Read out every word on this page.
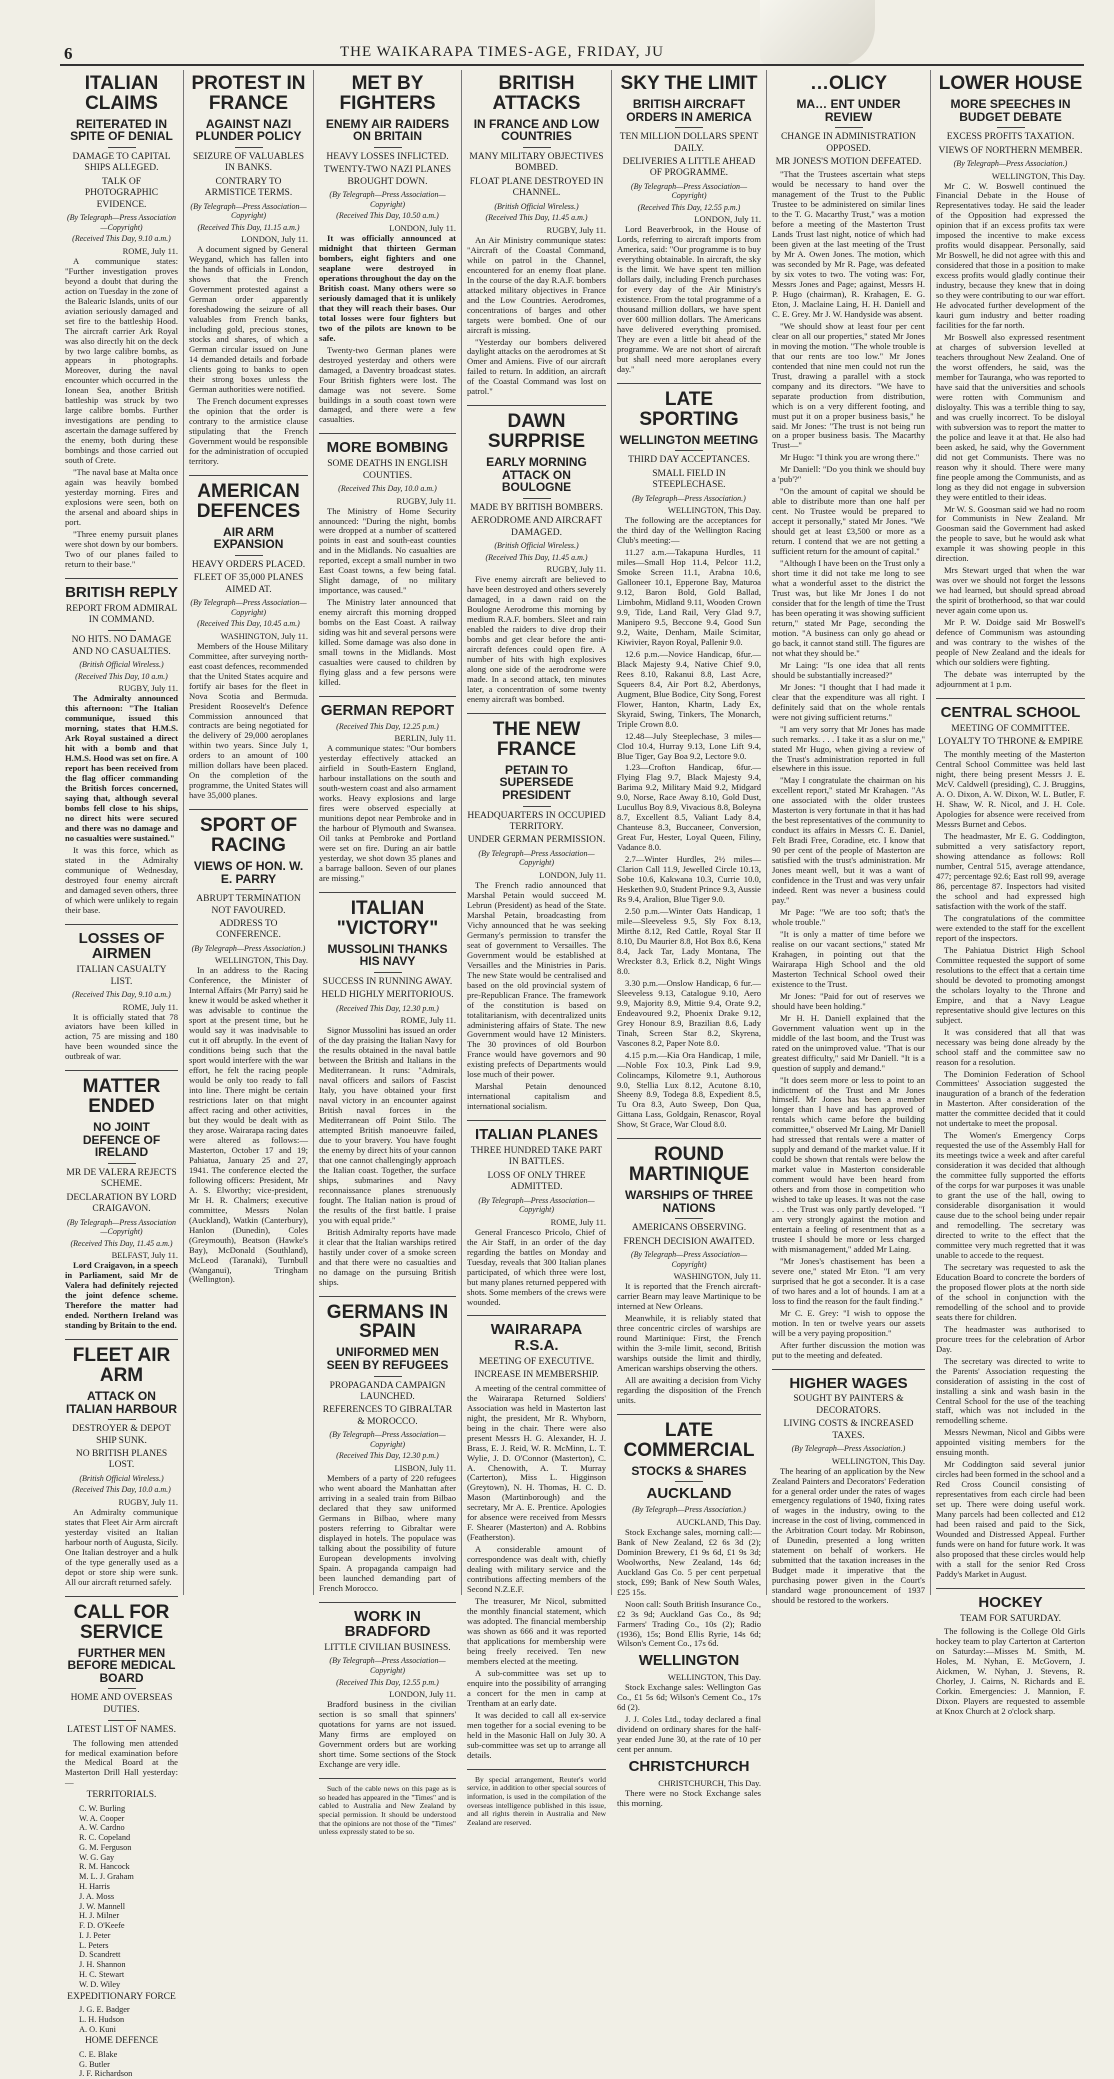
6	THE WAIKARAPA TIMES-AGE, FRIDAY, JU
ITALIAN CLAIMS
REITERATED IN SPITE OF DENIAL
DAMAGE TO CAPITAL SHIPS ALLEGED.
TALK OF PHOTOGRAPHIC EVIDENCE.
(By Telegraph—Press Association—Copyright)
(Received This Day, 9.10 a.m.)
ROME, July 11.

A communique states: "Further investigation proves beyond a doubt that during the action on Tuesday in the zone of the Balearic Islands, units of our aviation seriously damaged and set fire to the battleship Hood. The aircraft carrier Ark Royal was also directly hit on the deck by two large calibre bombs, as appears in photographs. Moreover, during the naval encounter which occurred in the Ionean Sea, another British battleship was struck by two large calibre bombs. Further investigations are pending to ascertain the damage suffered by the enemy, both during these bombings and those carried out south of Crete.

"The naval base at Malta once again was heavily bombed yesterday morning. Fires and explosions were seen, both on the arsenal and aboard ships in port.

"Three enemy pursuit planes were shot down by our bombers. Two of our planes failed to return to their base."

BRITISH REPLY
REPORT FROM ADMIRAL IN COMMAND.
NO HITS. NO DAMAGE AND NO CASUALTIES.
(British Official Wireless.)
(Received This Day, 10 a.m.)
RUGBY, July 11.

The Admiralty announced this afternoon: "The Italian communique, issued this morning, states that H.M.S. Ark Royal sustained a direct hit with a bomb and that H.M.S. Hood was set on fire. A report has been received from the flag officer commanding the British forces concerned, saying that, although several bombs fell close to his ships, no direct hits were secured and there was no damage and no casualties were sustained."

It was this force, which as stated in the Admiralty communique of Wednesday, destroyed four enemy aircraft and damaged seven others, three of which were unlikely to regain their base.

LOSSES OF AIRMEN
ITALIAN CASUALTY LIST.
(Received This Day, 9.10 a.m.)
ROME, July 11.

It is officially stated that 78 aviators have been killed in action, 75 are missing and 180 have been wounded since the outbreak of war.

MATTER ENDED
NO JOINT DEFENCE OF IRELAND
MR DE VALERA REJECTS SCHEME.
DECLARATION BY LORD CRAIGAVON.
(By Telegraph—Press Association—Copyright)
(Received This Day, 11.45 a.m.)
BELFAST, July 11.

Lord Craigavon, in a speech in Parliament, said Mr de Valera had definitely rejected the joint defence scheme. Therefore the matter had ended. Northern Ireland was standing by Britain to the end.

FLEET AIR ARM
ATTACK ON ITALIAN HARBOUR
DESTROYER & DEPOT SHIP SUNK.
NO BRITISH PLANES LOST.
(British Official Wireless.)
(Received This Day, 10.0 a.m.)
RUGBY, July 11.

An Admiralty communique states that Fleet Air Arm aircraft yesterday visited an Italian harbour north of Augusta, Sicily. One Italian destroyer and a hulk of the type generally used as a depot or store ship were sunk. All our aircraft returned safely.

CALL FOR SERVICE
FURTHER MEN BEFORE MEDICAL BOARD
HOME AND OVERSEAS DUTIES.
LATEST LIST OF NAMES.

The following men attended for medical examination before the Medical Board at the Masterton Drill Hall yesterday:—

TERRITORIALS.
C. W. Burling
W. A. Cooper
A. W. Cardno
R. C. Copeland
G. M. Ferguson
W. G. Gay
R. M. Hancock
M. L. J. Graham
H. Harris
J. A. Moss
J. W. Mannell
H. J. Milner
F. D. O'Keefe
I. J. Peter
L. Peters
D. Scandrett
J. H. Shannon
H. C. Stewart
W. D. Wiley
EXPEDITIONARY FORCE
J. G. E. Badger
L. H. Hudson
A. O. Kuni
HOME DEFENCE
C. E. Blake
G. Butler
J. F. Richardson
PROTEST IN FRANCE
AGAINST NAZI PLUNDER POLICY
SEIZURE OF VALUABLES IN BANKS.
CONTRARY TO ARMISTICE TERMS.
(By Telegraph—Press Association—Copyright)
(Received This Day, 11.15 a.m.)
LONDON, July 11.

A document signed by General Weygand, which has fallen into the hands of officials in London, shows that the French Government protested against a German order apparently foreshadowing the seizure of all valuables from French banks, including gold, precious stones, stocks and shares, of which a German circular issued on June 14 demanded details and forbade clients going to banks to open their strong boxes unless the German authorities were notified.

The French document expresses the opinion that the order is contrary to the armistice clause stipulating that the French Government would be responsible for the administration of occupied territory.

AMERICAN DEFENCES
AIR ARM EXPANSION
HEAVY ORDERS PLACED.
FLEET OF 35,000 PLANES AIMED AT.
(By Telegraph—Press Association—Copyright)
(Received This Day, 10.45 a.m.)
WASHINGTON, July 11.

Members of the House Military Committee, after surveying north-east coast defences, recommended that the United States acquire and fortify air bases for the fleet in Nova Scotia and Bermuda. President Roosevelt's Defence Commission announced that contracts are being negotiated for the delivery of 29,000 aeroplanes within two years. Since July 1, orders to an amount of 100 million dollars have been placed. On the completion of the programme, the United States will have 35,000 planes.

SPORT OF RACING
VIEWS OF HON. W. E. PARRY
ABRUPT TERMINATION NOT FAVOURED.
ADDRESS TO CONFERENCE.
(By Telegraph—Press Association.)
WELLINGTON, This Day.

In an address to the Racing Conference, the Minister of Internal Affairs (Mr Parry) said he knew it would be asked whether it was advisable to continue the sport at the present time, but he would say it was inadvisable to cut it off abruptly. In the event of conditions being such that the sport would interfere with the war effort, he felt the racing people would be only too ready to fall into line. There might be certain restrictions later on that might affect racing and other activities, but they would be dealt with as they arose. Wairarapa racing dates were altered as follows:—Masterton, October 17 and 19; Pahiatua, January 25 and 27, 1941. The conference elected the following officers: President, Mr A. S. Elworthy; vice-president, Mr H. R. Chalmers; executive committee, Messrs Nolan (Auckland), Watkin (Canterbury), Hanlon (Dunedin), Coles (Greymouth), Beatson (Hawke's Bay), McDonald (Southland), McLeod (Taranaki), Turnbull (Wanganui), Tringham (Wellington).

MET BY FIGHTERS
ENEMY AIR RAIDERS ON BRITAIN
HEAVY LOSSES INFLICTED.
TWENTY-TWO NAZI PLANES BROUGHT DOWN.
(By Telegraph—Press Association—Copyright)
(Received This Day, 10.50 a.m.)
LONDON, July 11.

It was officially announced at midnight that thirteen German bombers, eight fighters and one seaplane were destroyed in operations throughout the day on the British coast. Many others were so seriously damaged that it is unlikely that they will reach their bases. Our total losses were four fighters but two of the pilots are known to be safe.

Twenty-two German planes were destroyed yesterday and others were damaged, a Daventry broadcast states. Four British fighters were lost. The damage was not severe. Some buildings in a south coast town were damaged, and there were a few casualties.

MORE BOMBING
SOME DEATHS IN ENGLISH COUNTIES.
(Received This Day, 10.0 a.m.)
RUGBY, July 11.

The Ministry of Home Security announced: "During the night, bombs were dropped at a number of scattered points in east and south-east counties and in the Midlands. No casualties are reported, except a small number in two East Coast towns, a few being fatal. Slight damage, of no military importance, was caused."

The Ministry later announced that enemy aircraft this morning dropped bombs on the East Coast. A railway siding was hit and several persons were killed. Some damage was also done in small towns in the Midlands. Most casualties were caused to children by flying glass and a few persons were killed.

GERMAN REPORT
(Received This Day, 12.25 p.m.)
BERLIN, July 11.

A communique states: "Our bombers yesterday effectively attacked an airfield in South-Eastern England, harbour installations on the south and south-western coast and also armament works. Heavy explosions and large fires were observed especially at munitions depot near Pembroke and in the harbour of Plymouth and Swansea. Oil tanks at Pembroke and Portland were set on fire. During an air battle yesterday, we shot down 35 planes and a barrage balloon. Seven of our planes are missing."

ITALIAN "VICTORY"
MUSSOLINI THANKS HIS NAVY
SUCCESS IN RUNNING AWAY.
HELD HIGHLY MERITORIOUS.
(Received This Day, 12.30 p.m.)
ROME, July 11.

Signor Mussolini has issued an order of the day praising the Italian Navy for the results obtained in the naval battle between the British and Italians in the Mediterranean. It runs: "Admirals, naval officers and sailors of Fascist Italy, you have obtained your first naval victory in an encounter against British naval forces in the Mediterranean off Point Stilo. The attempted British manoeuvre failed, due to your bravery. You have fought the enemy by direct hits of your cannon that one cannot challengingly approach the Italian coast. Together, the surface ships, submarines and Navy reconnaissance planes strenuously fought. The Italian nation is proud of the results of the first battle. I praise you with equal pride."

British Admiralty reports have made it clear that the Italian warships retired hastily under cover of a smoke screen and that there were no casualties and no damage on the pursuing British ships.

GERMANS IN SPAIN
UNIFORMED MEN SEEN BY REFUGEES
PROPAGANDA CAMPAIGN LAUNCHED.
REFERENCES TO GIBRALTAR & MOROCCO.
(By Telegraph—Press Association—Copyright)
(Received This Day, 12.30 p.m.)
LISBON, July 11.

Members of a party of 220 refugees who went aboard the Manhattan after arriving in a sealed train from Bilbao declared that they saw uniformed Germans in Bilbao, where many posters referring to Gibraltar were displayed in hotels. The populace was talking about the possibility of future European developments involving Spain. A propaganda campaign had been launched demanding part of French Morocco.

WORK IN BRADFORD
LITTLE CIVILIAN BUSINESS.
(By Telegraph—Press Association—Copyright)
(Received This Day, 12.55 p.m.)
LONDON, July 11.

Bradford business in the civilian section is so small that spinners' quotations for yarns are not issued. Many firms are employed on Government orders but are working short time. Some sections of the Stock Exchange are very idle.

Such of the cable news on this page as is so headed has appeared in the "Times" and is cabled to Australia and New Zealand by special permission. It should be understood that the opinions are not those of the "Times" unless expressly stated to be so.

BRITISH ATTACKS
IN FRANCE AND LOW COUNTRIES
MANY MILITARY OBJECTIVES BOMBED.
FLOAT PLANE DESTROYED IN CHANNEL.
(British Official Wireless.)
(Received This Day, 11.45 a.m.)
RUGBY, July 11.

An Air Ministry communique states: "Aircraft of the Coastal Command, while on patrol in the Channel, encountered for an enemy float plane. In the course of the day R.A.F. bombers attacked military objectives in France and the Low Countries. Aerodromes, concentrations of barges and other targets were bombed. One of our aircraft is missing.

"Yesterday our bombers delivered daylight attacks on the aerodromes at St Omer and Amiens. Five of our aircraft failed to return. In addition, an aircraft of the Coastal Command was lost on patrol."

DAWN SURPRISE
EARLY MORNING ATTACK ON BOULOGNE
MADE BY BRITISH BOMBERS.
AERODROME AND AIRCRAFT DAMAGED.
(British Official Wireless.)
(Received This Day, 11.45 a.m.)
RUGBY, July 11.

Five enemy aircraft are believed to have been destroyed and others severely damaged, in a dawn raid on the Boulogne Aerodrome this morning by medium R.A.F. bombers. Sleet and rain enabled the raiders to dive drop their bombs and get clear before the anti-aircraft defences could open fire. A number of hits with high explosives along one side of the aerodrome were made. In a second attack, ten minutes later, a concentration of some twenty enemy aircraft was bombed.

THE NEW FRANCE
PETAIN TO SUPERSEDE PRESIDENT
HEADQUARTERS IN OCCUPIED TERRITORY.
UNDER GERMAN PERMISSION.
(By Telegraph—Press Association—Copyright)
LONDON, July 11.

The French radio announced that Marshal Petain would succeed M. Lebrun (President) as head of the State. Marshal Petain, broadcasting from Vichy announced that he was seeking Germany's permission to transfer the seat of government to Versailles. The Government would be established at Versailles and the Ministries in Paris. The new State would be centralised and based on the old provincial system of pre-Republican France. The framework of the constitution is based on totalitarianism, with decentralized units administering affairs of State. The new Government would have 12 Ministers. The 30 provinces of old Bourbon France would have governors and 90 existing prefects of Departments would lose much of their power.

Marshal Petain denounced international capitalism and international socialism.

ITALIAN PLANES
THREE HUNDRED TAKE PART IN BATTLES.
LOSS OF ONLY THREE ADMITTED.
(By Telegraph—Press Association—Copyright)
ROME, July 11.

General Francesco Pricolo, Chief of the Air Staff, in an order of the day regarding the battles on Monday and Tuesday, reveals that 300 Italian planes participated, of which three were lost, but many planes returned peppered with shots. Some members of the crews were wounded.

WAIRARAPA R.S.A.
MEETING OF EXECUTIVE.
INCREASE IN MEMBERSHIP.

A meeting of the central committee of the Wairarapa Returned Soldiers' Association was held in Masterton last night, the president, Mr R. Whyborn, being in the chair. There were also present Messrs H. G. Alexander, H. J. Brass, E. J. Reid, W. R. McMinn, L. T. Wylie, J. D. O'Connor (Masterton), C. A. Chenowith, A. T. Murray (Carterton), Miss L. Higginson (Greytown), N. H. Thomas, H. C. D. Mason (Martinborough) and the secretary, Mr A. E. Prentice. Apologies for absence were received from Messrs F. Shearer (Masterton) and A. Robbins (Featherston).

A considerable amount of correspondence was dealt with, chiefly dealing with military service and the contributions affecting members of the Second N.Z.E.F.

The treasurer, Mr Nicol, submitted the monthly financial statement, which was adopted. The financial membership was shown as 666 and it was reported that applications for membership were being freely received. Ten new members elected at the meeting.

A sub-committee was set up to enquire into the possibility of arranging a concert for the men in camp at Trentham at an early date.

It was decided to call all ex-service men together for a social evening to be held in the Masonic Hall on July 30. A sub-committee was set up to arrange all details.

By special arrangement, Reuter's world service, in addition to other special sources of information, is used in the compilation of the overseas intelligence published in this issue, and all rights therein in Australia and New Zealand are reserved.

SKY THE LIMIT
BRITISH AIRCRAFT ORDERS IN AMERICA
TEN MILLION DOLLARS SPENT DAILY.
DELIVERIES A LITTLE AHEAD OF PROGRAMME.
(By Telegraph—Press Association—Copyright)
(Received This Day, 12.55 p.m.)
LONDON, July 11.

Lord Beaverbrook, in the House of Lords, referring to aircraft imports from America, said: "Our programme is to buy everything obtainable. In aircraft, the sky is the limit. We have spent ten million dollars daily, including French purchases for every day of the Air Ministry's existence. From the total programme of a thousand million dollars, we have spent over 600 million dollars. The Americans have delivered everything promised. They are even a little bit ahead of the programme. We are not short of aircraft but shall need more aeroplanes every day."

LATE SPORTING
WELLINGTON MEETING
THIRD DAY ACCEPTANCES.
SMALL FIELD IN STEEPLECHASE.
(By Telegraph—Press Association.)
WELLINGTON, This Day.

The following are the acceptances for the third day of the Wellington Racing Club's meeting:—

11.27 a.m.—Takapuna Hurdles, 11 miles—Small Hop 11.4, Pelcor 11.2, Smoke Screen 11.1, Arabna 10.6, Galloneer 10.1, Epperone Bay, Maturoa 9.12, Baron Bold, Gold Ballad, Limbohm, Midland 9.11, Wooden Crown 9.9, Tide, Land Rail, Very Glad 9.7, Manipero 9.5, Beccone 9.4, Good Sun 9.2, Waite, Denham, Maile Scimitar, Kiwivier, Rayon Royal, Pallenir 9.0.

12.6 p.m.—Novice Handicap, 6fur.—Black Majesty 9.4, Native Chief 9.0, Rees 8.10, Rakanui 8.8, Last Acre, Squeers 8.4, Air Port 8.2, Aberdonys, Augment, Blue Bodice, City Song, Forest Flower, Hanton, Khartn, Lady Ex, Skyraid, Swing, Tinkers, The Monarch, Triple Crown 8.0.

12.48—July Steeplechase, 3 miles—Clod 10.4, Hurray 9.13, Lone Lift 9.4, Blue Tiger, Gay Boa 9.2, Lectore 9.0.

1.23—Crofton Handicap, 6fur.—Flying Flag 9.7, Black Majesty 9.4, Barima 9.2, Military Maid 9.2, Midgard 9.0, Norse, Race Away 8.10, Gold Dust, Lucullus Boy 8.9, Vivacious 8.8, Boleyna 8.7, Excellent 8.5, Valiant Lady 8.4, Chanteuse 8.3, Buccaneer, Conversion, Great Fur, Hester, Loyal Queen, Filiny, Vadance 8.0.

2.7—Winter Hurdles, 2½ miles—Clarion Call 11.9, Jewelled Circle 10.13, Sobe 10.6, Kakwana 10.3, Currie 10.0, Heskethen 9.0, Student Prince 9.3, Aussie Rs 9.4, Aralion, Blue Tiger 9.0.

2.50 p.m.—Winter Oats Handicap, 1 mile—Sleeveless 9.5, Sly Fox 8.13, Mirthe 8.12, Red Cattle, Royal Star II 8.10, Du Maurier 8.8, Hot Box 8.6, Kena 8.4, Jack Tar, Lady Montana, The Wreckster 8.3, Erlick 8.2, Night Wings 8.0.

3.30 p.m.—Onslow Handicap, 6 fur.—Sleeveless 9.13, Catalogue 9.10, Aero 9.9, Majority 8.9, Mittie 9.4, Orate 9.2, Endeavoured 9.2, Phoenix Drake 9.12, Grey Honour 8.9, Brazilian 8.6, Lady Tinah, Screen Star 8.2, Skyrena, Vascones 8.2, Paper Note 8.0.

4.15 p.m.—Kia Ora Handicap, 1 mile, —Noble Fox 10.3, Pink Lad 9.9, Colincamps, Kilometre 9.1, Authorous 9.0, Stellia Lux 8.12, Acutone 8.10, Sheeny 8.9, Todega 8.8, Expedient 8.5, Tu Ora 8.3, Auto Sweep, Don Qua, Gittana Lass, Goldgain, Renascor, Royal Show, St Grace, War Cloud 8.0.

ROUND MARTINIQUE
WARSHIPS OF THREE NATIONS
AMERICANS OBSERVING.
FRENCH DECISION AWAITED.
(By Telegraph—Press Association—Copyright)
WASHINGTON, July 11.

It is reported that the French aircraft-carrier Bearn may leave Martinique to be interned at New Orleans.

Meanwhile, it is reliably stated that three concentric circles of warships are round Martinique: First, the French within the 3-mile limit, second, British warships outside the limit and thirdly, American warships observing the others.

All are awaiting a decision from Vichy regarding the disposition of the French units.

LATE COMMERCIAL
STOCKS & SHARES
AUCKLAND
(By Telegraph—Press Association.)
AUCKLAND, This Day.

Stock Exchange sales, morning call:—Bank of New Zealand, £2 6s 3d (2); Dominion Brewery, £1 9s 6d, £1 9s 3d; Woolworths, New Zealand, 14s 6d; Auckland Gas Co. 5 per cent perpetual stock, £99; Bank of New South Wales, £25 15s.

Noon call: South British Insurance Co., £2 3s 9d; Auckland Gas Co., 8s 9d; Farmers' Trading Co., 10s (2); Radio (1936), 15s; Bond Ellis Ryrie, 14s 6d; Wilson's Cement Co., 17s 6d.

WELLINGTON
WELLINGTON, This Day.

Stock Exchange sales: Wellington Gas Co., £1 5s 6d; Wilson's Cement Co., 17s 6d (2).

J. J. Coles Ltd., today declared a final dividend on ordinary shares for the half-year ended June 30, at the rate of 10 per cent per annum.

CHRISTCHURCH
CHRISTCHURCH, This Day.

There were no Stock Exchange sales this morning.

…OLICY
MA… ENT UNDER REVIEW
CHANGE IN ADMINISTRATION OPPOSED.
MR JONES'S MOTION DEFEATED.

"That the Trustees ascertain what steps would be necessary to hand over the management of the Trust to the Public Trustee to be administered on similar lines to the T. G. Macarthy Trust," was a motion before a meeting of the Masterton Trust Lands Trust last night, notice of which had been given at the last meeting of the Trust by Mr A. Owen Jones. The motion, which was seconded by Mr R. Page, was defeated by six votes to two. The voting was: For, Messrs Jones and Page; against, Messrs H. P. Hugo (chairman), R. Krahagen, E. G. Eton, J. Maclaine Laing, H. H. Daniell and C. E. Grey. Mr J. W. Handyside was absent.

"We should show at least four per cent clear on all our properties," stated Mr Jones in moving the motion. "The whole trouble is that our rents are too low." Mr Jones contended that nine men could not run the Trust, drawing a parallel with a stock company and its directors. "We have to separate production from distribution, which is on a very different footing, and must put it on a proper business basis," he said. Mr Jones: "The trust is not being run on a proper business basis. The Macarthy Trust—"

Mr Hugo: "I think you are wrong there."

Mr Daniell: "Do you think we should buy a 'pub'?"

"On the amount of capital we should be able to distribute more than one half per cent. No Trustee would be prepared to accept it personally," stated Mr Jones. "We should get at least £3,500 or more as a return. I contend that we are not getting a sufficient return for the amount of capital."

"Although I have been on the Trust only a short time it did not take me long to see what a wonderful asset to the district the Trust was, but like Mr Jones I do not consider that for the length of time the Trust has been operating it was showing sufficient return," stated Mr Page, seconding the motion. "A business can only go ahead or go back, it cannot stand still. The figures are not what they should be."

Mr Laing: "Is one idea that all rents should be substantially increased?"

Mr Jones: "I thought that I had made it clear that the expenditure was all right. I definitely said that on the whole rentals were not giving sufficient returns."

"I am very sorry that Mr Jones has made such remarks. . . . I take it as a slur on me," stated Mr Hugo, when giving a review of the Trust's administration reported in full elsewhere in this issue.

"May I congratulate the chairman on his excellent report," stated Mr Krahagen. "As one associated with the older trustees Masterton is very fortunate in that it has had the best representatives of the community to conduct its affairs in Messrs C. E. Daniel, Felt Bradi Free, Coradine, etc. I know that 90 per cent of the people of Masterton are satisfied with the trust's administration. Mr Jones meant well, but it was a want of confidence in the Trust and was very unfair indeed. Rent was never a business could pay."

Mr Page: "We are too soft; that's the whole trouble."

"It is only a matter of time before we realise on our vacant sections," stated Mr Krahagen, in pointing out that the Wairarapa High School and the old Masterton Technical School owed their existence to the Trust.

Mr Jones: "Paid for out of reserves we should have been holding."

Mr H. H. Daniell explained that the Government valuation went up in the middle of the last boom, and the Trust was rated on the unimproved value. "That is our greatest difficulty," said Mr Daniell. "It is a question of supply and demand."

"It does seem more or less to point to an indictment of the Trust and Mr Jones himself. Mr Jones has been a member longer than I have and has approved of rentals which came before the building committee," observed Mr Laing. Mr Daniell had stressed that rentals were a matter of supply and demand of the market value. If it could be shown that rentals were below the market value in Masterton considerable comment would have been heard from others and from those in competition who wished to take up leases. It was not the case . . . the Trust was only partly developed. "I am very strongly against the motion and entertain a feeling of resentment that as a trustee I should be more or less charged with mismanagement," added Mr Laing.

"Mr Jones's chastisement has been a severe one," stated Mr Eton. "I am very surprised that he got a seconder. It is a case of two hares and a lot of hounds. I am at a loss to find the reason for the fault finding."

Mr C. E. Grey: "I wish to oppose the motion. In ten or twelve years our assets will be a very paying proposition."

After further discussion the motion was put to the meeting and defeated.

HIGHER WAGES
SOUGHT BY PAINTERS & DECORATORS.
LIVING COSTS & INCREASED TAXES.
(By Telegraph—Press Association.)
WELLINGTON, This Day.

The hearing of an application by the New Zealand Painters and Decorators' Federation for a general order under the rates of wages emergency regulations of 1940, fixing rates of wages in the industry, owing to the increase in the cost of living, commenced in the Arbitration Court today. Mr Robinson, of Dunedin, presented a long written statement on behalf of workers. He submitted that the taxation increases in the Budget made it imperative that the purchasing power given in the Court's standard wage pronouncement of 1937 should be restored to the workers.

LOWER HOUSE
MORE SPEECHES IN BUDGET DEBATE
EXCESS PROFITS TAXATION.
VIEWS OF NORTHERN MEMBER.
(By Telegraph—Press Association.)
WELLINGTON, This Day.

Mr C. W. Boswell continued the Financial Debate in the House of Representatives today. He said the leader of the Opposition had expressed the opinion that if an excess profits tax were imposed the incentive to make excess profits would disappear. Personally, said Mr Boswell, he did not agree with this and considered that those in a position to make excess profits would gladly continue their industry, because they knew that in doing so they were contributing to our war effort. He advocated further development of the kauri gum industry and better roading facilities for the far north.

Mr Boswell also expressed resentment at charges of subversion levelled at teachers throughout New Zealand. One of the worst offenders, he said, was the member for Tauranga, who was reported to have said that the universities and schools were rotten with Communism and disloyalty. This was a terrible thing to say, and was cruelly incorrect. To be disloyal with subversion was to report the matter to the police and leave it at that. He also had been asked, he said, why the Government did not get Communists. There was no reason why it should. There were many fine people among the Communists, and as long as they did not engage in subversion they were entitled to their ideas.

Mr W. S. Goosman said we had no room for Communists in New Zealand. Mr Goosman said the Government had asked the people to save, but he would ask what example it was showing people in this direction.

Mrs Stewart urged that when the war was over we should not forget the lessons we had learned, but should spread abroad the spirit of brotherhood, so that war could never again come upon us.

Mr P. W. Doidge said Mr Boswell's defence of Communism was astounding and was contrary to the wishes of the people of New Zealand and the ideals for which our soldiers were fighting.

The debate was interrupted by the adjournment at 1 p.m.

CENTRAL SCHOOL
MEETING OF COMMITTEE.
LOYALTY TO THRONE & EMPIRE

The monthly meeting of the Masterton Central School Committee was held last night, there being present Messrs J. E. McV. Caldwell (presiding), C. J. Bruggins, A. O. Dixon, A. W. Dixon, W. L. Butler, F. H. Shaw, W. R. Nicol, and J. H. Cole. Apologies for absence were received from Messrs Burnet and Cebos.

The headmaster, Mr E. G. Coddington, submitted a very satisfactory report, showing attendance as follows: Roll number, Central 515, average attendance, 477; percentage 92.6; East roll 99, average 86, percentage 87. Inspectors had visited the school and had expressed high satisfaction with the work of the staff.

The congratulations of the committee were extended to the staff for the excellent report of the inspectors.

The Pahiatua District High School Committee requested the support of some resolutions to the effect that a certain time should be devoted to promoting amongst the scholars loyalty to the Throne and Empire, and that a Navy League representative should give lectures on this subject.

It was considered that all that was necessary was being done already by the school staff and the committee saw no reason for a resolution.

The Dominion Federation of School Committees' Association suggested the inauguration of a branch of the federation in Masterton. After consideration of the matter the committee decided that it could not undertake to meet the proposal.

The Women's Emergency Corps requested the use of the Assembly Hall for its meetings twice a week and after careful consideration it was decided that although the committee fully supported the efforts of the corps for war purposes it was unable to grant the use of the hall, owing to considerable disorganisation it would cause due to the school being under repair and remodelling. The secretary was directed to write to the effect that the committee very much regretted that it was unable to accede to the request.

The secretary was requested to ask the Education Board to concrete the borders of the proposed flower plots at the north side of the school in conjunction with the remodelling of the school and to provide seats there for children.

The headmaster was authorised to procure trees for the celebration of Arbor Day.

The secretary was directed to write to the Parents' Association requesting the consideration of assisting in the cost of installing a sink and wash basin in the Central School for the use of the teaching staff, which was not included in the remodelling scheme.

Messrs Newman, Nicol and Gibbs were appointed visiting members for the ensuing month.

Mr Coddington said several junior circles had been formed in the school and a Red Cross Council consisting of representatives from each circle had been set up. There were doing useful work. Many parcels had been collected and £12 had been raised and paid to the Sick, Wounded and Distressed Appeal. Further funds were on hand for future work. It was also proposed that these circles would help with a stall for the senior Red Cross Paddy's Market in August.

HOCKEY
TEAM FOR SATURDAY.

The following is the College Old Girls hockey team to play Carterton at Carterton on Saturday:—Misses M. Smith, M. Holes, M. Nyhan, E. McGovern, J. Aickmen, W. Nyhan, J. Stevens, R. Chorley, J. Cairns, N. Richards and E. Corkin. Emergencies: J. Mannion, F. Dixon. Players are requested to assemble at Knox Church at 2 o'clock sharp.
